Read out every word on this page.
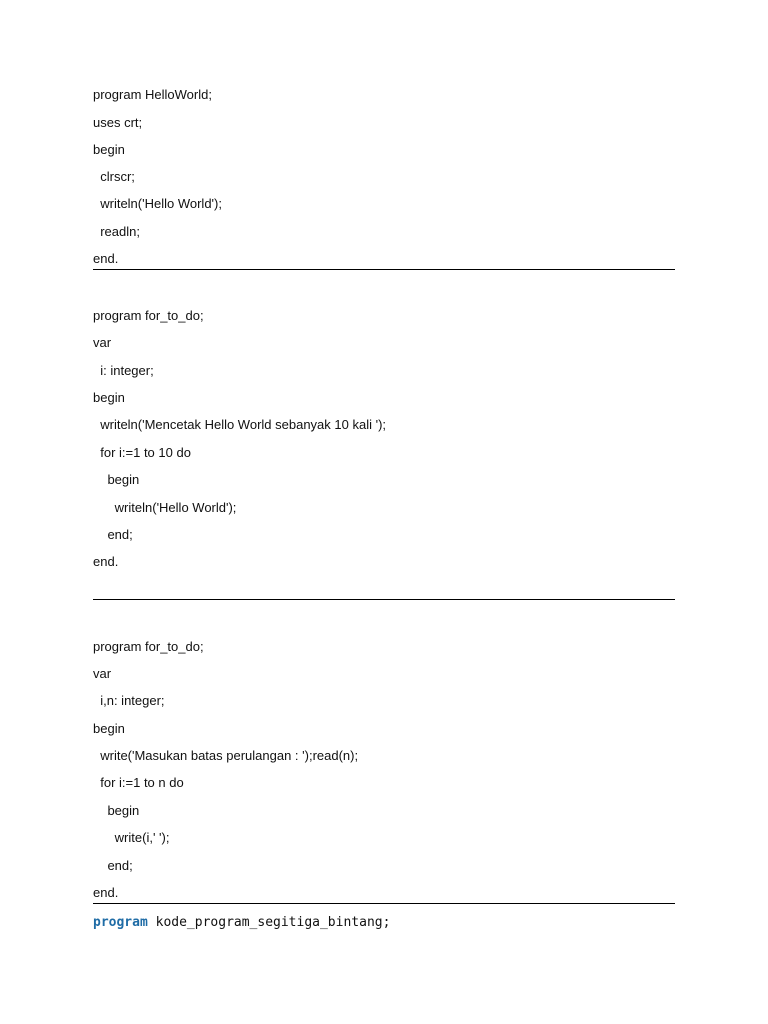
program HelloWorld;
uses crt;
begin
clrscr;
writeln('Hello World');
readln;
end.
program for_to_do;
var
i: integer;
begin
writeln('Mencetak Hello World sebanyak 10 kali ');
for i:=1 to 10 do
begin
writeln('Hello World');
end;
end.
program for_to_do;
var
i,n: integer;
begin
write('Masukan batas perulangan : ');read(n);
for i:=1 to n do
begin
write(i,' ');
end;
end.
program kode_program_segitiga_bintang;
